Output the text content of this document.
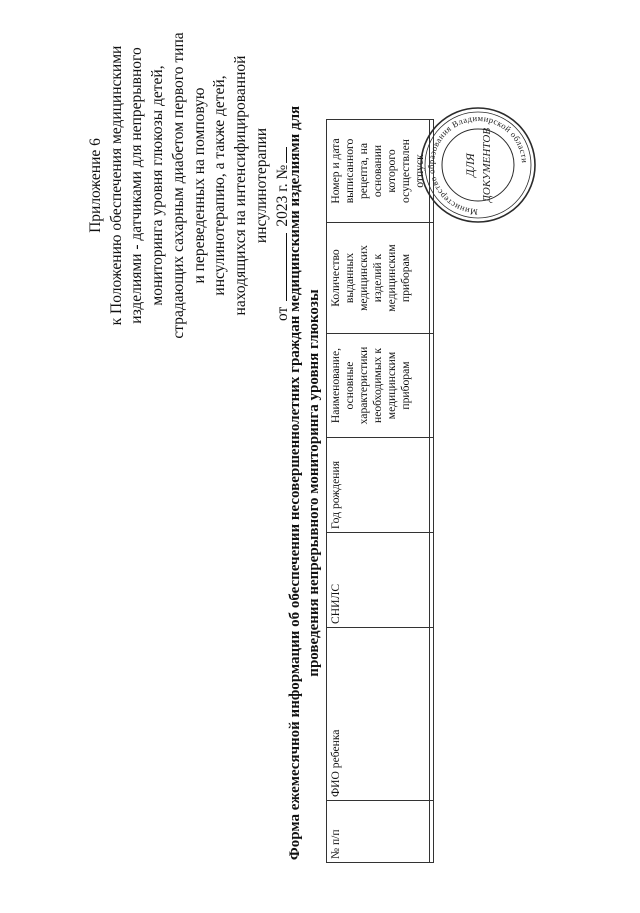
Приложение 6 к Положению обеспечения медицинскими изделиями - датчиками для непрерывного мониторинга уровня глюкозы детей, страдающих сахарным диабетом первого типа и переведенных на помповую инсулинотерапию, а также детей, находящихся на интенсифицированной инсулинотерапии
от2023 г. №
Форма ежемесячной информации об обеспечении несовершеннолетних граждан медицинскими изделиями для проведения непрерывного мониторинга уровня глюкозы
№ п/п	ФИО ребенка	СНИЛС	Год рождения	Наименование, основные характеристики необходимых к медицинским приборам	Количество выданных медицинских изделий к медицинским приборам	Номер и дата выписанного рецепта, на основании которого осуществлен отпуск

Министерство образования Владимирской области
ДЛЯ ДОКУМЕНТОВ
